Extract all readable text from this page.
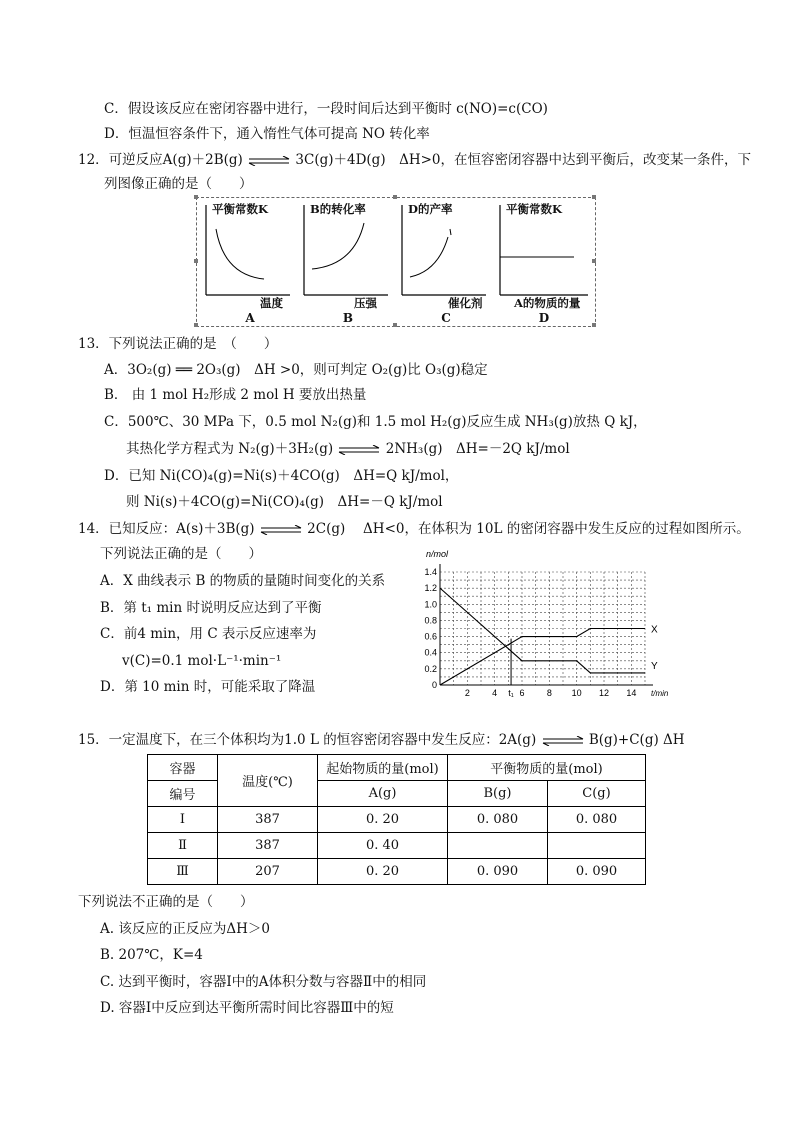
C．假设该反应在密闭容器中进行，一段时间后达到平衡时 c(NO)=c(CO)
D．恒温恒容条件下，通入惰性气体可提高 NO 转化率
12．可逆反应A(g)＋2B(g) ⇌ 3C(g)＋4D(g)　ΔH>0，在恒容密闭容器中达到平衡后，改变某一条件，下
列图像正确的是（　　）
平衡常数K
温度
A
B的转化率
压强
B
D的产率
催化剂
C
平衡常数K
A的物质的量
D
13．下列说法正确的是　（　　）
A．3O₂(g) ══ 2O₃(g)　ΔH >0，则可判定 O₂(g)比 O₃(g)稳定
B． 由 1 mol H₂形成 2 mol H 要放出热量
C．500℃、30 MPa 下，0.5 mol N₂(g)和 1.5 mol H₂(g)反应生成 NH₃(g)放热 Q kJ，
其热化学方程式为 N₂(g)＋3H₂(g) ⇌ 2NH₃(g)　ΔH=－2Q kJ/mol
D．已知 Ni(CO)₄(g)=Ni(s)＋4CO(g)　ΔH=Q kJ/mol，
则 Ni(s)＋4CO(g)=Ni(CO)₄(g)　ΔH=－Q kJ/mol
14．已知反应：A(s)＋3B(g) ⇌ 2C(g)　 ΔH<0，在体积为 10L 的密闭容器中发生反应的过程如图所示。
下列说法正确的是（　　）
A．X 曲线表示 B 的物质的量随时间变化的关系
B．第 t₁ min 时说明反应达到了平衡
C．前4 min，用 C 表示反应速率为
v(C)=0.1 mol·L⁻¹·min⁻¹
D．第 10 min 时，可能采取了降温
n/mol
t/min
1.4
1.2
1.0
0.8
0.6
0.4
0.2
0
2 4 t₁ 6 8 10 12 14
X
Y
15．一定温度下，在三个体积均为1.0 L 的恒容密闭容器中发生反应：2A(g) ⇌ B(g)+C(g) ΔH
容器	温度(℃)	起始物质的量(mol)	平衡物质的量(mol)	
编号		A(g)	B(g)	C(g)
Ⅰ	387	0. 20	0. 080	0. 080
Ⅱ	387	0. 40		
Ⅲ	207	0. 20	0. 090	0. 090
下列说法不正确的是（　　）
A. 该反应的正反应为ΔH＞0
B. 207℃，K=4
C. 达到平衡时，容器Ⅰ中的A体积分数与容器Ⅱ中的相同
D. 容器Ⅰ中反应到达平衡所需时间比容器Ⅲ中的短
